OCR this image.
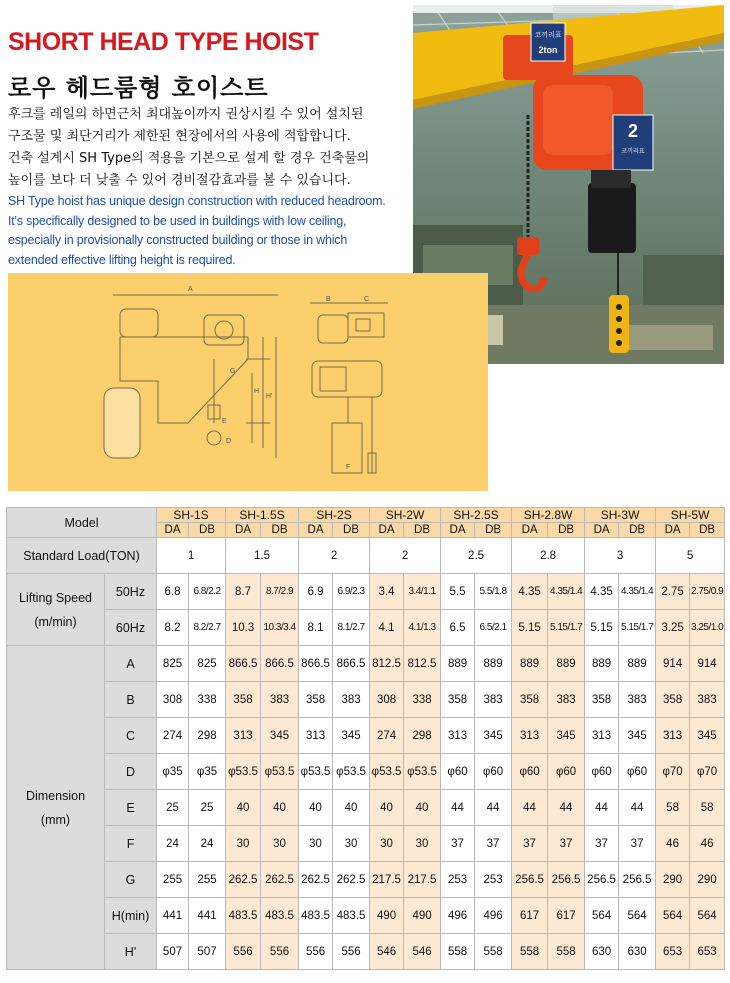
SHORT HEAD TYPE HOIST
로우 헤드룸형 호이스트
후크를 레일의 하면근처 최대높이까지 권상시킬 수 있어 설치된
구조물 및 최단거리가 제한된 현장에서의 사용에 적합합니다.
건축 설계시 SH Type의 적용을 기본으로 설계 할 경우 건축물의
높이를 보다 더 낮출 수 있어 경비절감효과를 볼 수 있습니다.
SH Type hoist has unique design construction with reduced headroom.
It's specifically designed to be used in buildings with low ceiling,
especially in provisionally constructed building or those in which
extended effective lifting height is required.
코끼리표
2ton
2
코끼리표
A
G
H
H'
E
D
B	C
F
Model		SH-1S		SH-1.5S		SH-2S		SH-2W		SH-2.5S		SH-2.8W		SH-3W		SH-5W	
		DA	DB	DA	DB	DA	DB	DA	DB	DA	DB	DA	DB	DA	DB	DA	DB
Standard Load(TON)		1		1.5		2		2		2.5		2.8		3		5	

Lifting Speed
(m/min)	50Hz	6.8	6.8/2.2	8.7	8.7/2.9	6.9	6.9/2.3	3.4	3.4/1.1	5.5	5.5/1.8	4.35	4.35/1.4	4.35	4.35/1.4	2.75	2.75/0.9
	60Hz	8.2	8.2/2.7	10.3	10.3/3.4	8.1	8.1/2.7	4.1	4.1/1.3	6.5	6.5/2.1	5.15	5.15/1.7	5.15	5.15/1.7	3.25	3.25/1.0

Dimension
(mm)	A	825	825	866.5	866.5	866.5	866.5	812.5	812.5	889	889	889	889	889	889	914	914
	B	308	338	358	383	358	383	308	338	358	383	358	383	358	383	358	383
	C	274	298	313	345	313	345	274	298	313	345	313	345	313	345	313	345
	D	φ35	φ35	φ53.5	φ53.5	φ53.5	φ53.5	φ53.5	φ53.5	φ60	φ60	φ60	φ60	φ60	φ60	φ70	φ70
	E	25	25	40	40	40	40	40	40	44	44	44	44	44	44	58	58
	F	24	24	30	30	30	30	30	30	37	37	37	37	37	37	46	46
	G	255	255	262.5	262.5	262.5	262.5	217.5	217.5	253	253	256.5	256.5	256.5	256.5	290	290
	H(min)	441	441	483.5	483.5	483.5	483.5	490	490	496	496	617	617	564	564	564	564
	H'	507	507	556	556	556	556	546	546	558	558	558	558	630	630	653	653
